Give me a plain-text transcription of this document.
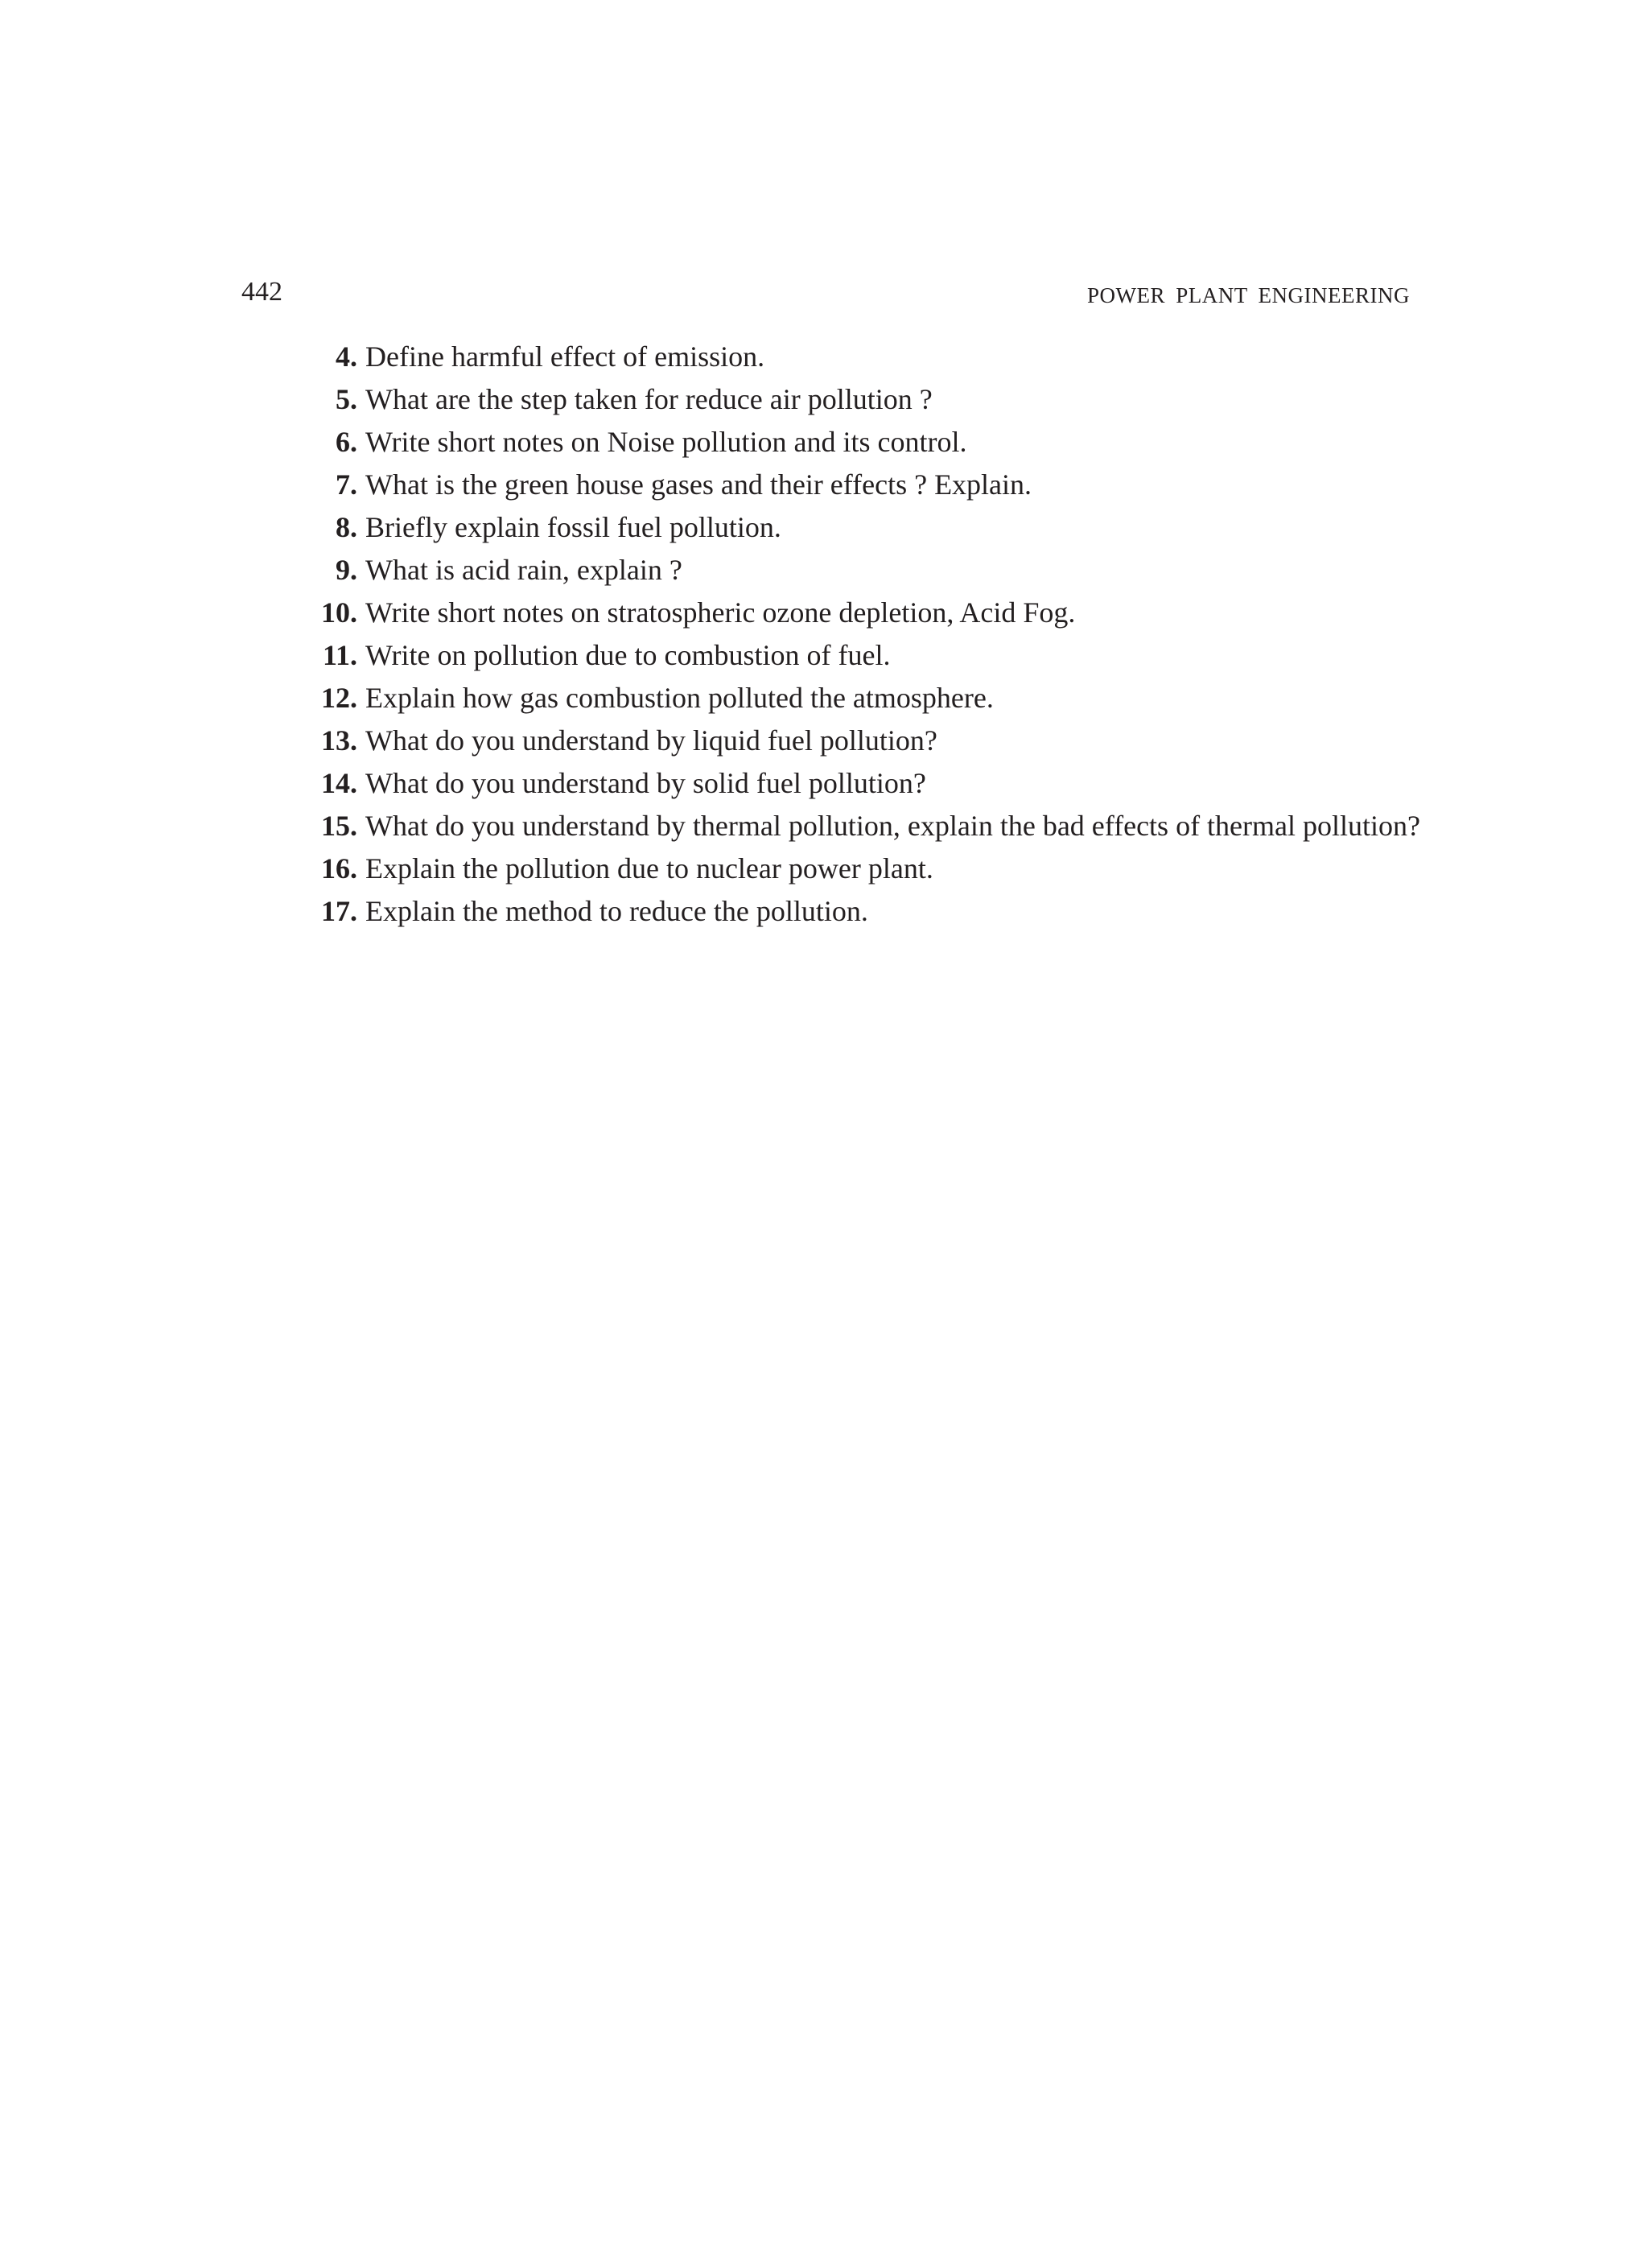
442	POWER PLANT ENGINEERING
4. Define harmful effect of emission.
5. What are the step taken for reduce air pollution ?
6. Write short notes on Noise pollution and its control.
7. What is the green house gases and their effects ? Explain.
8. Briefly explain fossil fuel pollution.
9. What is acid rain, explain ?
10. Write short notes on stratospheric ozone depletion, Acid Fog.
11. Write on pollution due to combustion of fuel.
12. Explain how gas combustion polluted the atmosphere.
13. What do you understand by liquid fuel pollution?
14. What do you understand by solid fuel pollution?
15. What do you understand by thermal pollution, explain the bad effects of thermal pollution?
16. Explain the pollution due to nuclear power plant.
17. Explain the method to reduce the pollution.
